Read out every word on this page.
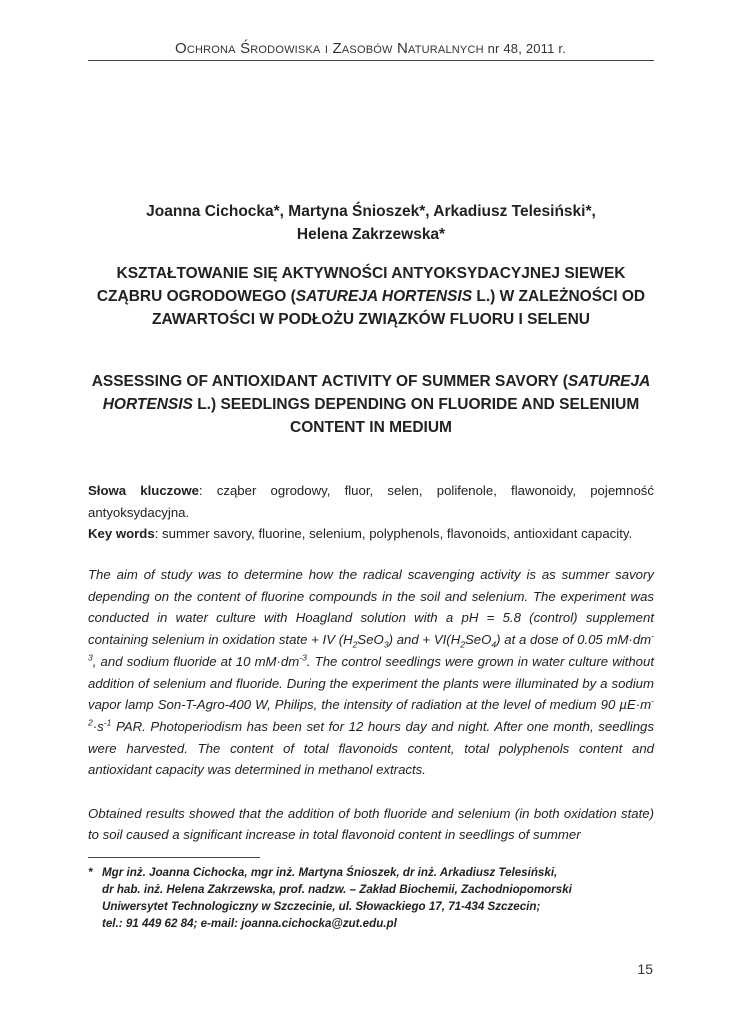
Ochrona Środowiska i Zasobów Naturalnych nr 48, 2011 r.
Joanna Cichocka*, Martyna Śnioszek*, Arkadiusz Telesiński*,
Helena Zakrzewska*
KSZTAŁTOWANIE SIĘ AKTYWNOŚCI ANTYOKSYDACYJNEJ SIEWEK CZĄBRU OGRODOWEGO (SATUREJA HORTENSIS L.) W ZALEŻNOŚCI OD ZAWARTOŚCI W PODŁOŻU ZWIĄZKÓW FLUORU I SELENU
ASSESSING OF ANTIOXIDANT ACTIVITY OF SUMMER SAVORY (SATUREJA HORTENSIS L.) SEEDLINGS DEPENDING ON FLUORIDE AND SELENIUM CONTENT IN MEDIUM

Słowa kluczowe: cząber ogrodowy, fluor, selen, polifenole, flawonoidy, pojemność antyoksydacyjna.

Key words: summer savory, fluorine, selenium, polyphenols, flavonoids, antioxidant capacity.

The aim of study was to determine how the radical scavenging activity is as summer savory depending on the content of fluorine compounds in the soil and selenium. The experiment was conducted in water culture with Hoagland solution with a pH = 5.8 (control) supplement containing selenium in oxidation state + IV $(H_2SeO_3)$ and + $VI(H_2SeO_4)$ at a dose of 0.05 $mM\cdot dm^{-3}$, and sodium fluoride at 10 $mM\cdot dm^{-3}$. The control seedlings were grown in water culture without addition of selenium and fluoride. During the experiment the plants were illuminated by a sodium vapor lamp Son-T-Agro-400 W, Philips, the intensity of radiation at the level of medium 90 $\mu E\cdot m^{-2}\cdot s^{-1}$ PAR. Photoperiodism has been set for 12 hours day and night. After one month, seedlings were harvested. The content of total flavonoids content, total polyphenols content and antioxidant capacity was determined in methanol extracts.

Obtained results showed that the addition of both fluoride and selenium (in both oxidation state) to soil caused a significant increase in total flavonoid content in seedlings of summer

* Mgr inż. Joanna Cichocka, mgr inż. Martyna Śnioszek, dr inż. Arkadiusz Telesiński,
dr hab. inż. Helena Zakrzewska, prof. nadzw. – Zakład Biochemii, Zachodniopomorski
Uniwersytet Technologiczny w Szczecinie, ul. Słowackiego 17, 71-434 Szczecin;
tel.: 91 449 62 84; e-mail: joanna.cichocka@zut.edu.pl
15
